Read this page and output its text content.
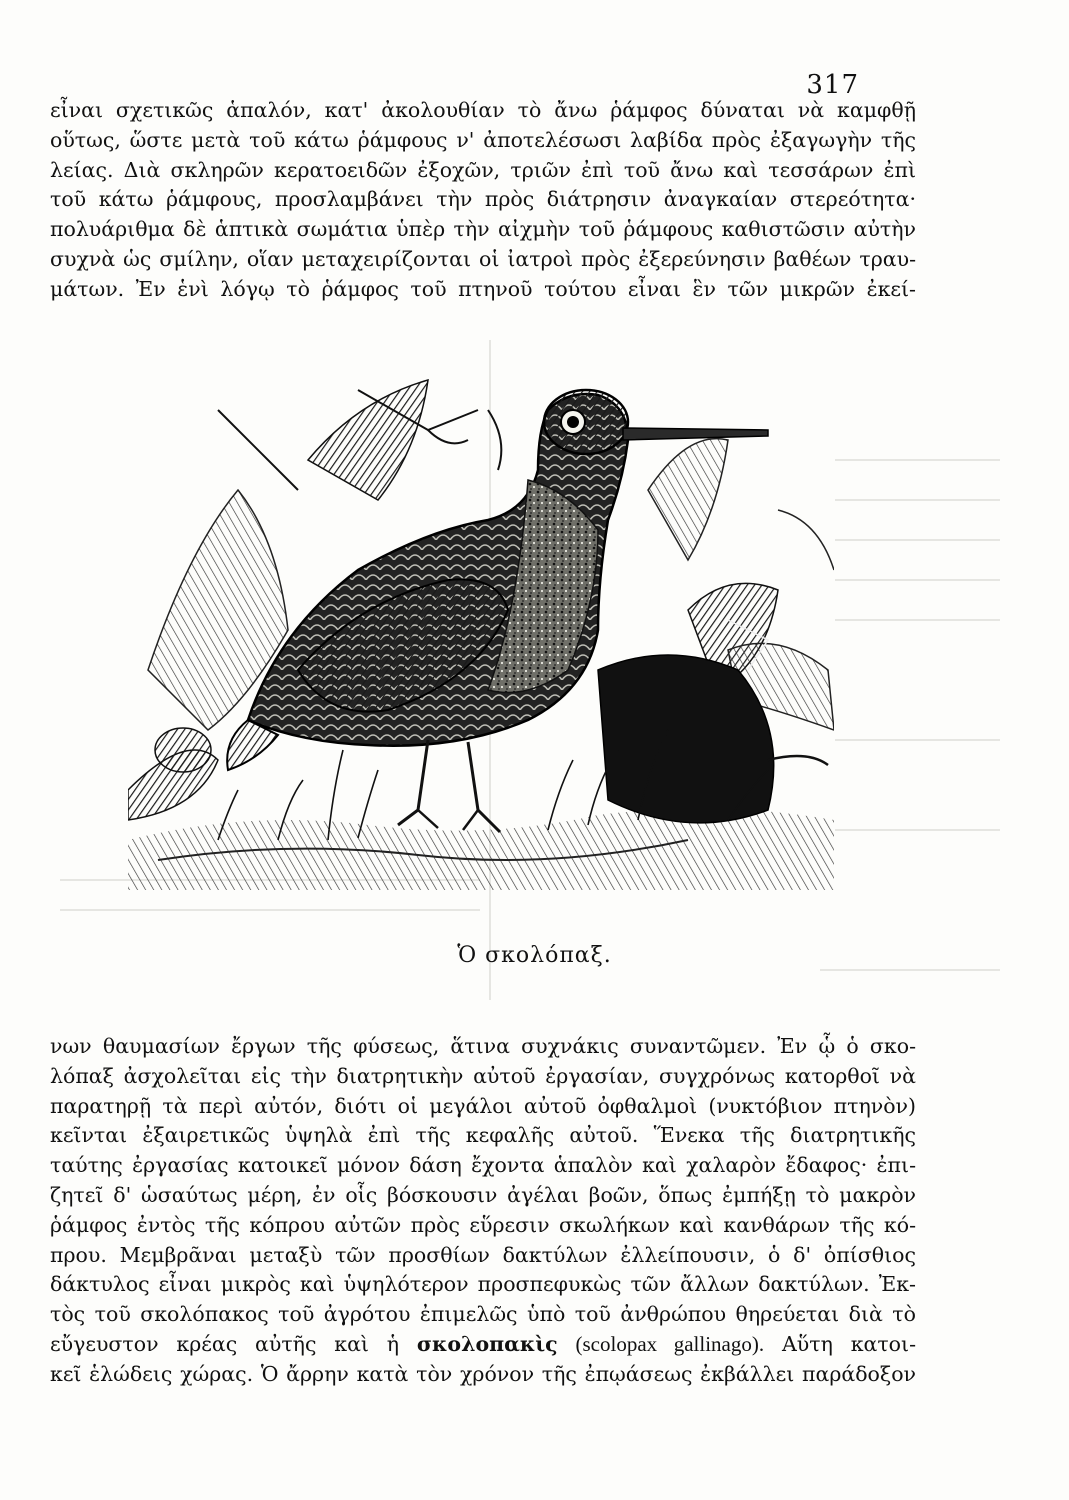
317
εἶναι σχετικῶς ἁπαλόν, κατ' ἀκολουθίαν τὸ ἄνω ῥάμφος δύναται νὰ καμφθῇ
οὕτως, ὥστε μετὰ τοῦ κάτω ῥάμφους ν' ἀποτελέσωσι λαβίδα πρὸς ἐξαγωγὴν τῆς
λείας. Διὰ σκληρῶν κερατοειδῶν ἐξοχῶν, τριῶν ἐπὶ τοῦ ἄνω καὶ τεσσάρων ἐπὶ
τοῦ κάτω ῥάμφους, προσλαμβάνει τὴν πρὸς διάτρησιν ἀναγκαίαν στερεότητα·
πολυάριθμα δὲ ἁπτικὰ σωμάτια ὑπὲρ τὴν αἰχμὴν τοῦ ῥάμφους καθιστῶσιν αὐτὴν
συχνὰ ὡς σμίλην, οἵαν μεταχειρίζονται οἱ ἰατροὶ πρὸς ἐξερεύνησιν βαθέων τραυ-
μάτων. Ἐν ἑνὶ λόγῳ τὸ ῥάμφος τοῦ πτηνοῦ τούτου εἶναι ἓν τῶν μικρῶν ἐκεί-
Ὁ σκολόπαξ.
νων θαυμασίων ἔργων τῆς φύσεως, ἅτινα συχνάκις συναντῶμεν. Ἐν ᾧ ὁ σκο-
λόπαξ ἀσχολεῖται εἰς τὴν διατρητικὴν αὐτοῦ ἐργασίαν, συγχρόνως κατορθοῖ νὰ
παρατηρῇ τὰ περὶ αὐτόν, διότι οἱ μεγάλοι αὐτοῦ ὀφθαλμοὶ (νυκτόβιον πτηνὸν)
κεῖνται ἐξαιρετικῶς ὑψηλὰ ἐπὶ τῆς κεφαλῆς αὐτοῦ. Ἕνεκα τῆς διατρητικῆς
ταύτης ἐργασίας κατοικεῖ μόνον δάση ἔχοντα ἁπαλὸν καὶ χαλαρὸν ἔδαφος· ἐπι-
ζητεῖ δ' ὡσαύτως μέρη, ἐν οἷς βόσκουσιν ἀγέλαι βοῶν, ὅπως ἐμπήξῃ τὸ μακρὸν
ῥάμφος ἐντὸς τῆς κόπρου αὐτῶν πρὸς εὕρεσιν σκωλήκων καὶ κανθάρων τῆς κό-
πρου. Μεμβρᾶναι μεταξὺ τῶν προσθίων δακτύλων ἐλλείπουσιν, ὁ δ' ὀπίσθιος
δάκτυλος εἶναι μικρὸς καὶ ὑψηλότερον προσπεφυκὼς τῶν ἄλλων δακτύλων. Ἐκ-
τὸς τοῦ σκολόπακος τοῦ ἀγρότου ἐπιμελῶς ὑπὸ τοῦ ἀνθρώπου θηρεύεται διὰ τὸ
εὔγευστον κρέας αὐτῆς καὶ ἡ σκολοπακὶς (scolopax gallinago). Αὕτη κατοι-
κεῖ ἑλώδεις χώρας. Ὁ ἄρρην κατὰ τὸν χρόνον τῆς ἐπῳάσεως ἐκβάλλει παράδοξον
